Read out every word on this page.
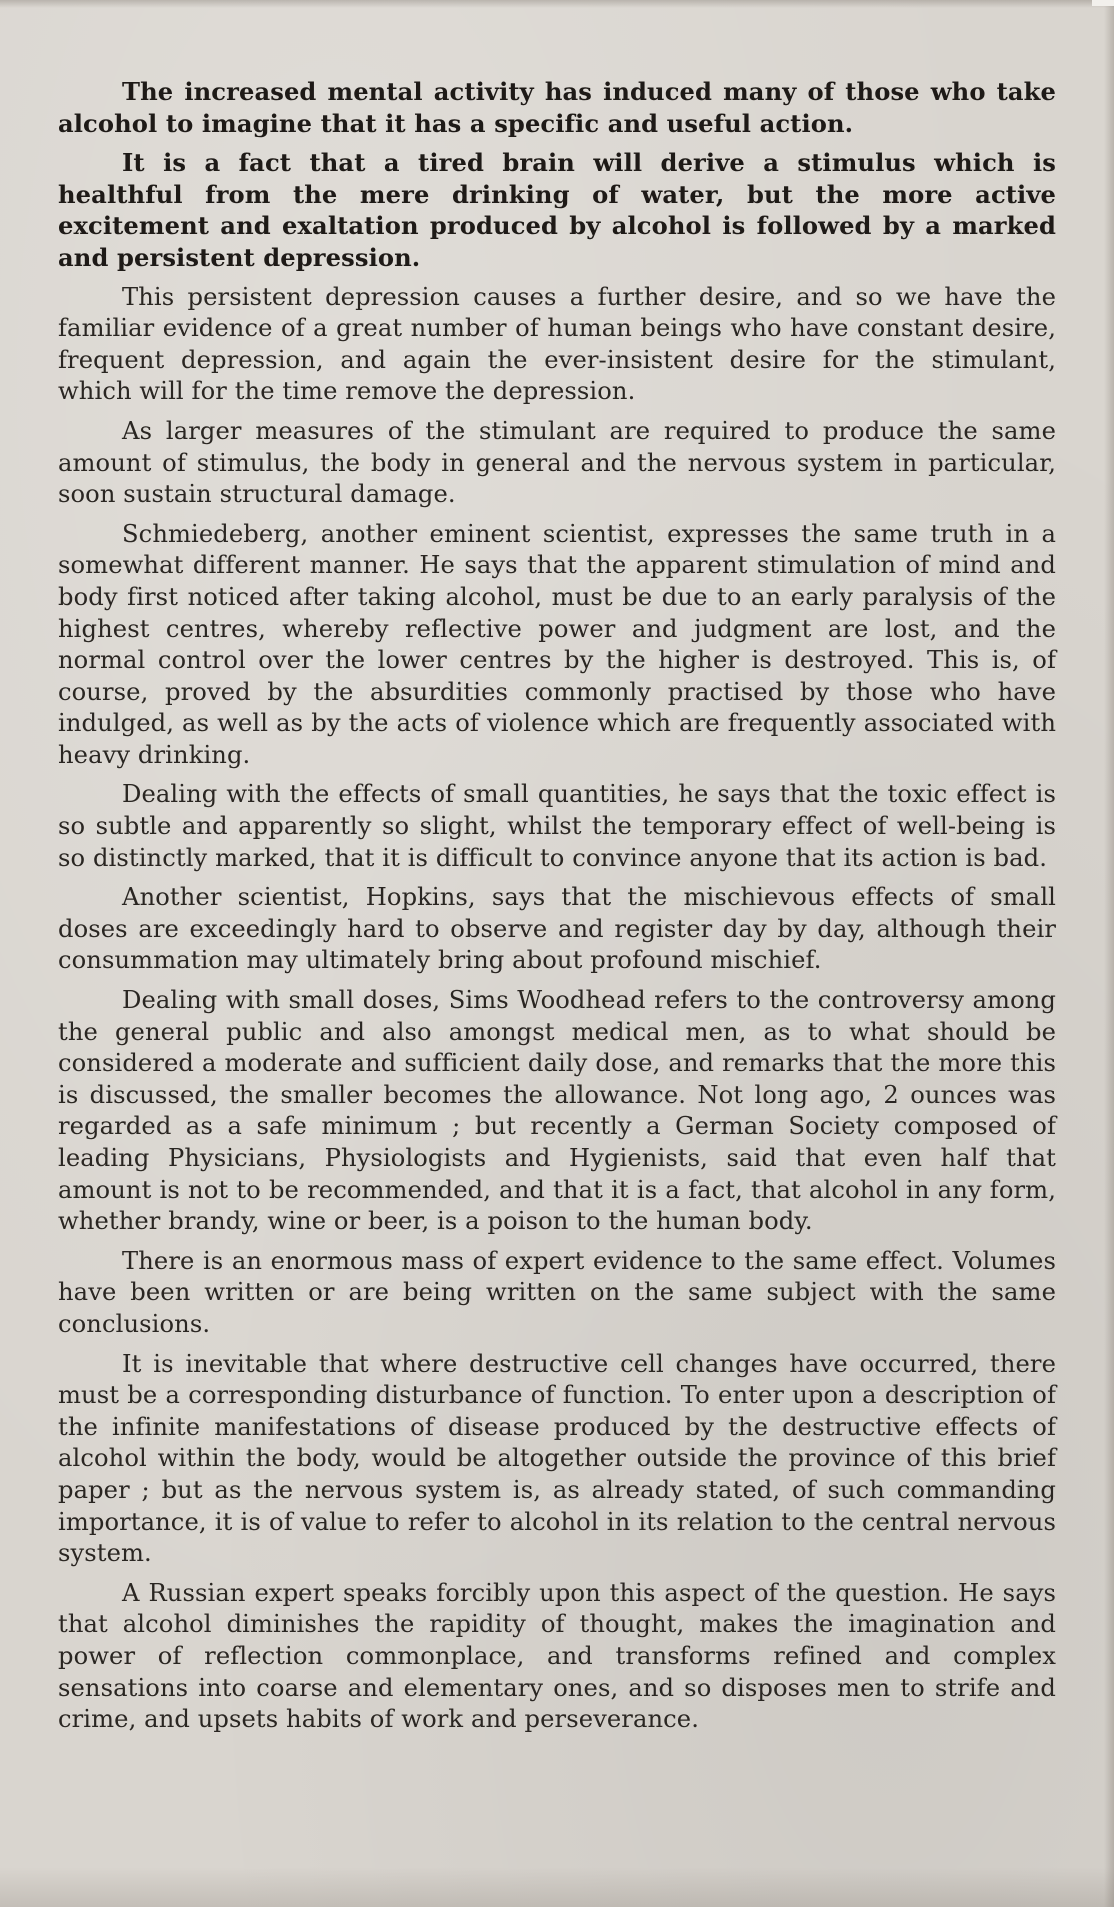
The increased mental activity has induced many of those who take alcohol to imagine that it has a specific and useful action.

It is a fact that a tired brain will derive a stimulus which is healthful from the mere drinking of water, but the more active excitement and exaltation produced by alcohol is followed by a marked and persistent depression.

This persistent depression causes a further desire, and so we have the familiar evidence of a great number of human beings who have constant desire, frequent depression, and again the ever-insistent desire for the stimulant, which will for the time remove the depression.

As larger measures of the stimulant are required to produce the same amount of stimulus, the body in general and the nervous system in particular, soon sustain structural damage.

Schmiedeberg, another eminent scientist, expresses the same truth in a somewhat different manner. He says that the apparent stimulation of mind and body first noticed after taking alcohol, must be due to an early paralysis of the highest centres, whereby reflective power and judgment are lost, and the normal control over the lower centres by the higher is destroyed. This is, of course, proved by the absurdities commonly practised by those who have indulged, as well as by the acts of violence which are frequently associated with heavy drinking.

Dealing with the effects of small quantities, he says that the toxic effect is so subtle and apparently so slight, whilst the temporary effect of well-being is so distinctly marked, that it is difficult to convince anyone that its action is bad.

Another scientist, Hopkins, says that the mischievous effects of small doses are exceedingly hard to observe and register day by day, although their consummation may ultimately bring about profound mischief.

Dealing with small doses, Sims Woodhead refers to the controversy among the general public and also amongst medical men, as to what should be considered a moderate and sufficient daily dose, and remarks that the more this is discussed, the smaller becomes the allowance. Not long ago, 2 ounces was regarded as a safe minimum ; but recently a German Society composed of leading Physicians, Physiologists and Hygienists, said that even half that amount is not to be recommended, and that it is a fact, that alcohol in any form, whether brandy, wine or beer, is a poison to the human body.

There is an enormous mass of expert evidence to the same effect. Volumes have been written or are being written on the same subject with the same conclusions.

It is inevitable that where destructive cell changes have occurred, there must be a corresponding disturbance of function. To enter upon a description of the infinite manifestations of disease produced by the destructive effects of alcohol within the body, would be altogether outside the province of this brief paper ; but as the nervous system is, as already stated, of such commanding importance, it is of value to refer to alcohol in its relation to the central nervous system.

A Russian expert speaks forcibly upon this aspect of the question. He says that alcohol diminishes the rapidity of thought, makes the imagination and power of reflection commonplace, and transforms refined and complex sensations into coarse and elementary ones, and so disposes men to strife and crime, and upsets habits of work and perseverance.
